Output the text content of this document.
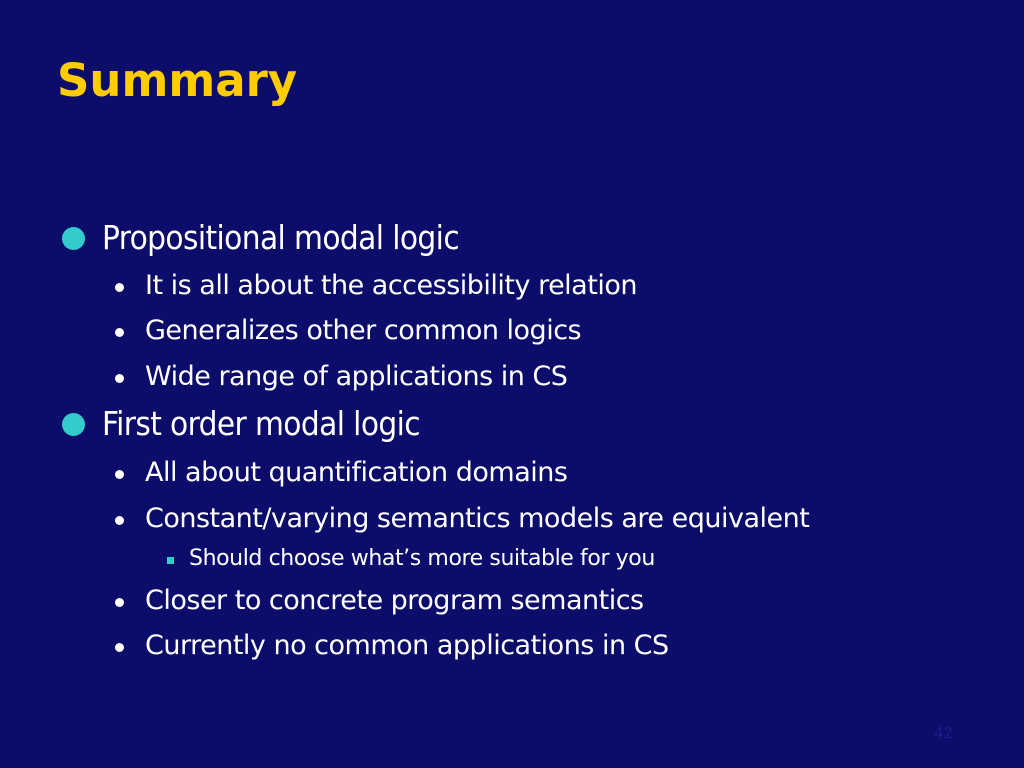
Summary
Propositional modal logic
It is all about the accessibility relation
Generalizes other common logics
Wide range of applications in CS
First order modal logic
All about quantification domains
Constant/varying semantics models are equivalent
Should choose what’s more suitable for you
Closer to concrete program semantics
Currently no common applications in CS
42
